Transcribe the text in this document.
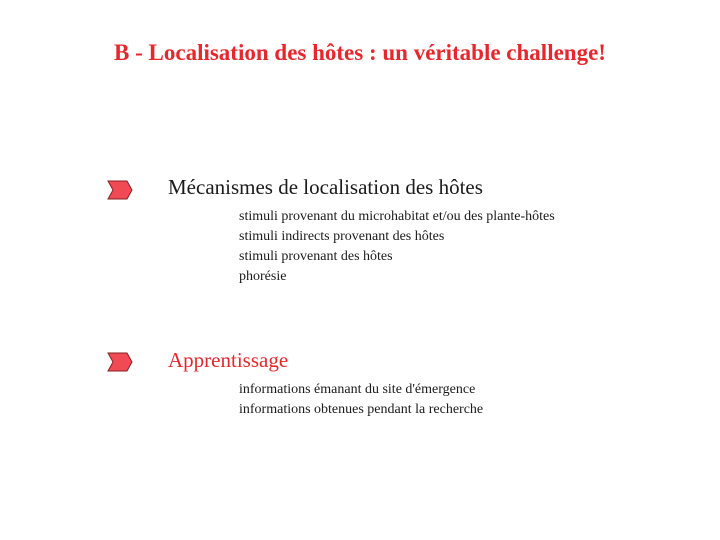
B - Localisation des hôtes : un véritable challenge!
Mécanismes de localisation des hôtes
stimuli provenant du microhabitat et/ou des plante-hôtes
stimuli indirects provenant des hôtes
stimuli provenant des hôtes
phorésie
Apprentissage
informations émanant du site d'émergence
informations obtenues pendant la recherche
